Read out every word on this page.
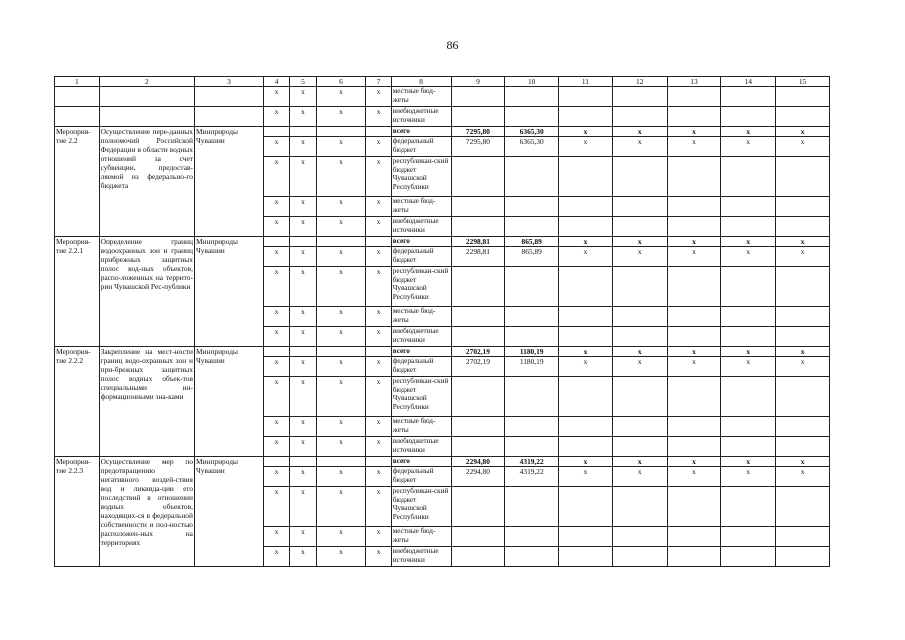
86
1	2	3	4	5	6	7	8	9	10	11	12	13	14	15
			x	x	x	x	местные бюд-жеты							
			x	x	x	x	внебюджетные источники							
Мероприя-тие 2.2	Осуществление пере-данных полномочий Российской Федерации в области водных отношений за счет субвенции, предостав-ляемой из федерально-го бюджета	Минприроды Чувашии					всего	7295,80	6365,30	x	x	x	x	x
			x	x	x	x	федеральный бюджет	7295,80	6365,30	x	x	x	x	x
			x	x	x	x	республикан-ский бюджет Чувашской Республики							
			x	x	x	x	местные бюд-жеты							
			x	x	x	x	внебюджетные источники							
Мероприя-тие 2.2.1	Определение границ водоохранных зон и границ прибрежных защитных полос вод-ных объектов, распо-ложенных на террито-рии Чувашской Рес-публики	Минприроды Чувашии					всего	2298,81	865,89	x	x	x	x	x
			x	x	x	x	федеральный бюджет	2298,81	865,89	x	x	x	x	x
			x	x	x	x	республикан-ский бюджет Чувашской Республики							
			x	x	x	x	местные бюд-жеты							
			x	x	x	x	внебюджетные источники							
Мероприя-тие 2.2.2	Закрепление на мест-ности границ водо-охранных зон и при-брежных защитных полос водных объек-тов специальными ин-формационными зна-ками	Минприроды Чувашии					всего	2702,19	1180,19	x	x	x	x	x
			x	x	x	x	федеральный бюджет	2702,19	1180,19	x	x	x	x	x
			x	x	x	x	республикан-ский бюджет Чувашской Республики							
			x	x	x	x	местные бюд-жеты							
			x	x	x	x	внебюджетные источники							
Мероприя-тие 2.2.3	Осуществление мер по предотвращению негативного воздей-ствия вод и ликвида-ции его последствий в отношении водных объектов, находящих-ся в федеральной собственности и пол-ностью расположен-ных на территориях	Минприроды Чувашии					всего	2294,80	4319,22	x	x	x	x	x
			x	x	x	x	федеральный бюджет	2294,80	4319,22	x	x	x	x	x
			x	x	x	x	республикан-ский бюджет Чувашской Республики							
			x	x	x	x	местные бюд-жеты							
			x	x	x	x	внебюджетные источники							
